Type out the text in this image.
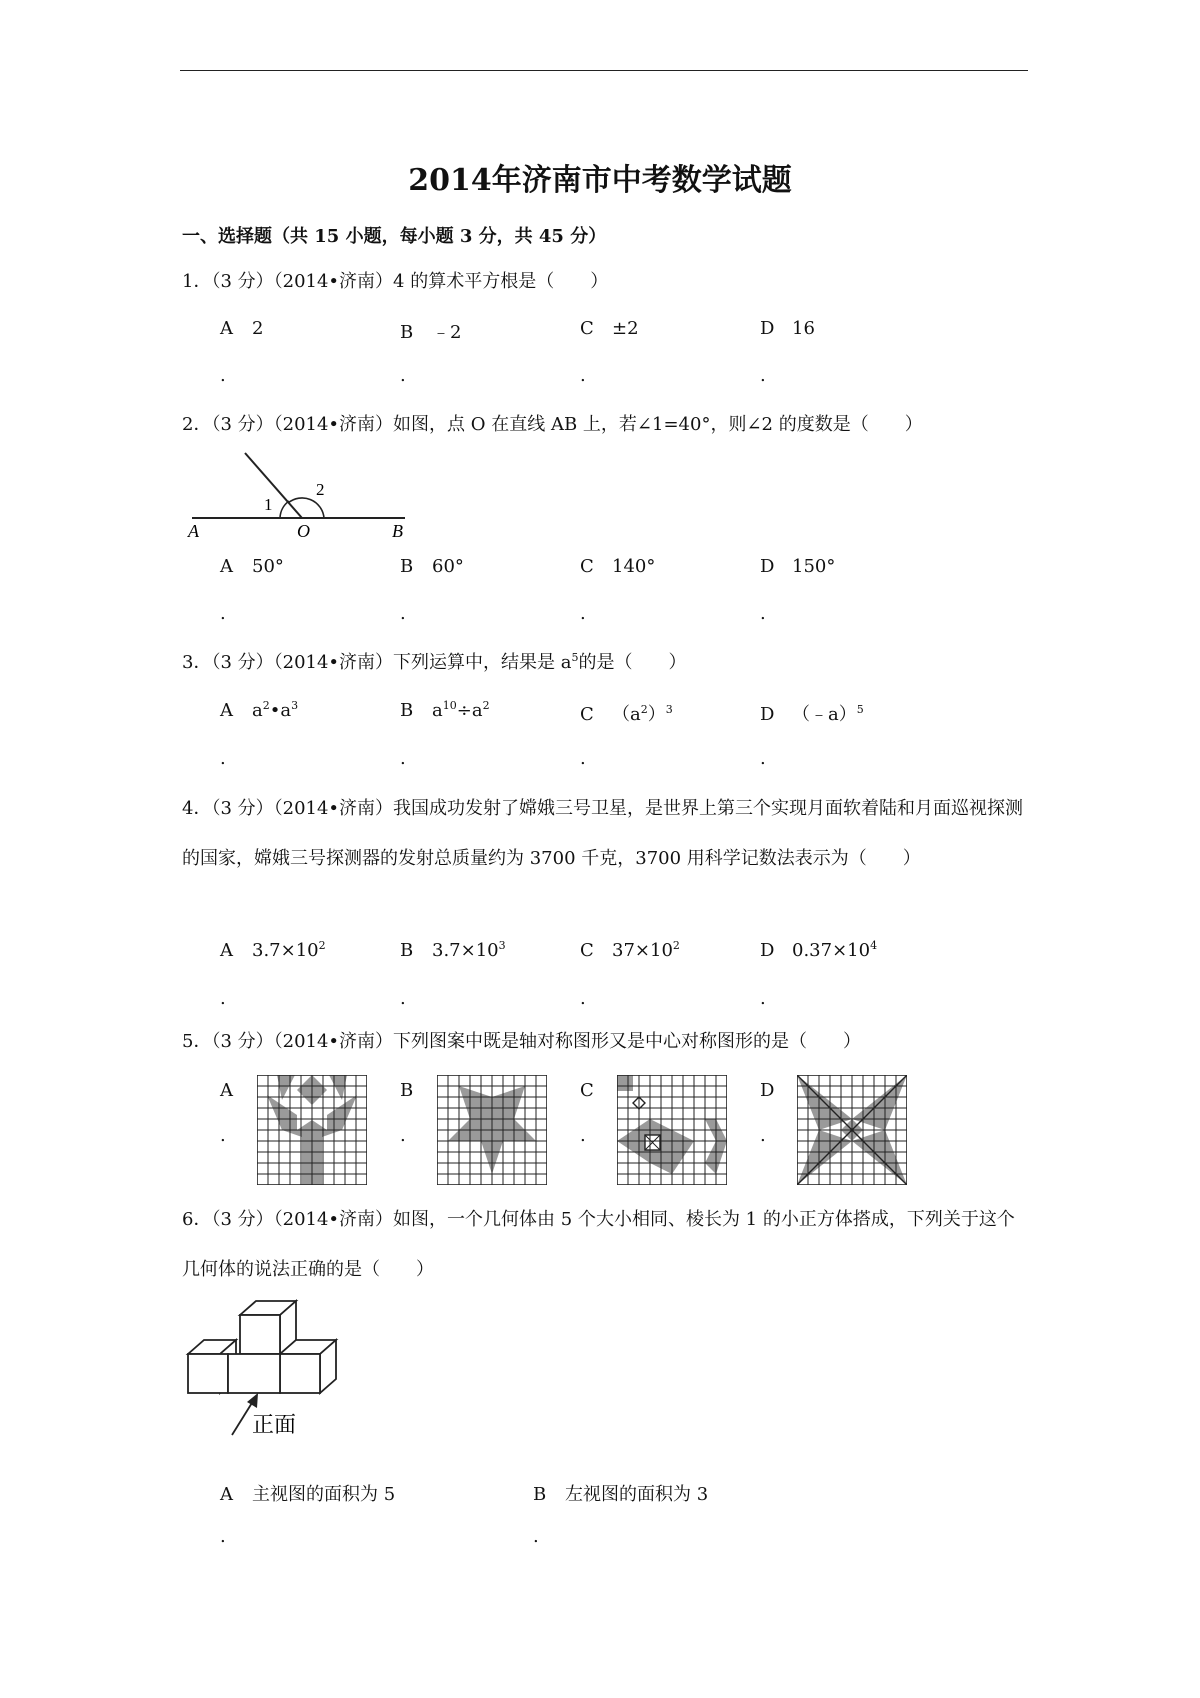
2014年济南市中考数学试题
一、选择题（共 15 小题，每小题 3 分，共 45 分）
1．（3 分）（2014•济南）4 的算术平方根是（　　）
A 2	B ﹣2	C ±2	D 16
.	.	.	.
2．（3 分）（2014•济南）如图，点 O 在直线 AB 上，若∠1=40°，则∠2 的度数是（　　）
A	O	B
1
2
A 50°	B 60°	C 140°	D 150°
.	.	.	.
3．（3 分）（2014•济南）下列运算中，结果是 $a^5$的是（　　）
A $a^2•a^3$	B $a^{10}\div a^2$	C $(a^2)^3$	D （﹣a）$^5$
.	.	.	.
4．（3 分）（2014•济南）我国成功发射了嫦娥三号卫星，是世界上第三个实现月面软着陆和月面巡视探测的国家，嫦娥三号探测器的发射总质量约为 3700 千克，3700 用科学记数法表示为（　　）
A $3.7\times 10^2$	B $3.7\times 10^3$	C $37\times 10^2$	D $0.37\times 10^4$
.	.	.	.
5．（3 分）（2014•济南）下列图案中既是轴对称图形又是中心对称图形的是（　　）
A	B	C	D
.	.	.	.
6．（3 分）（2014•济南）如图，一个几何体由 5 个大小相同、棱长为 1 的小正方体搭成，下列关于这个几何体的说法正确的是（　　）
正面
A 主视图的面积为 5	B 左视图的面积为 3
.	.
